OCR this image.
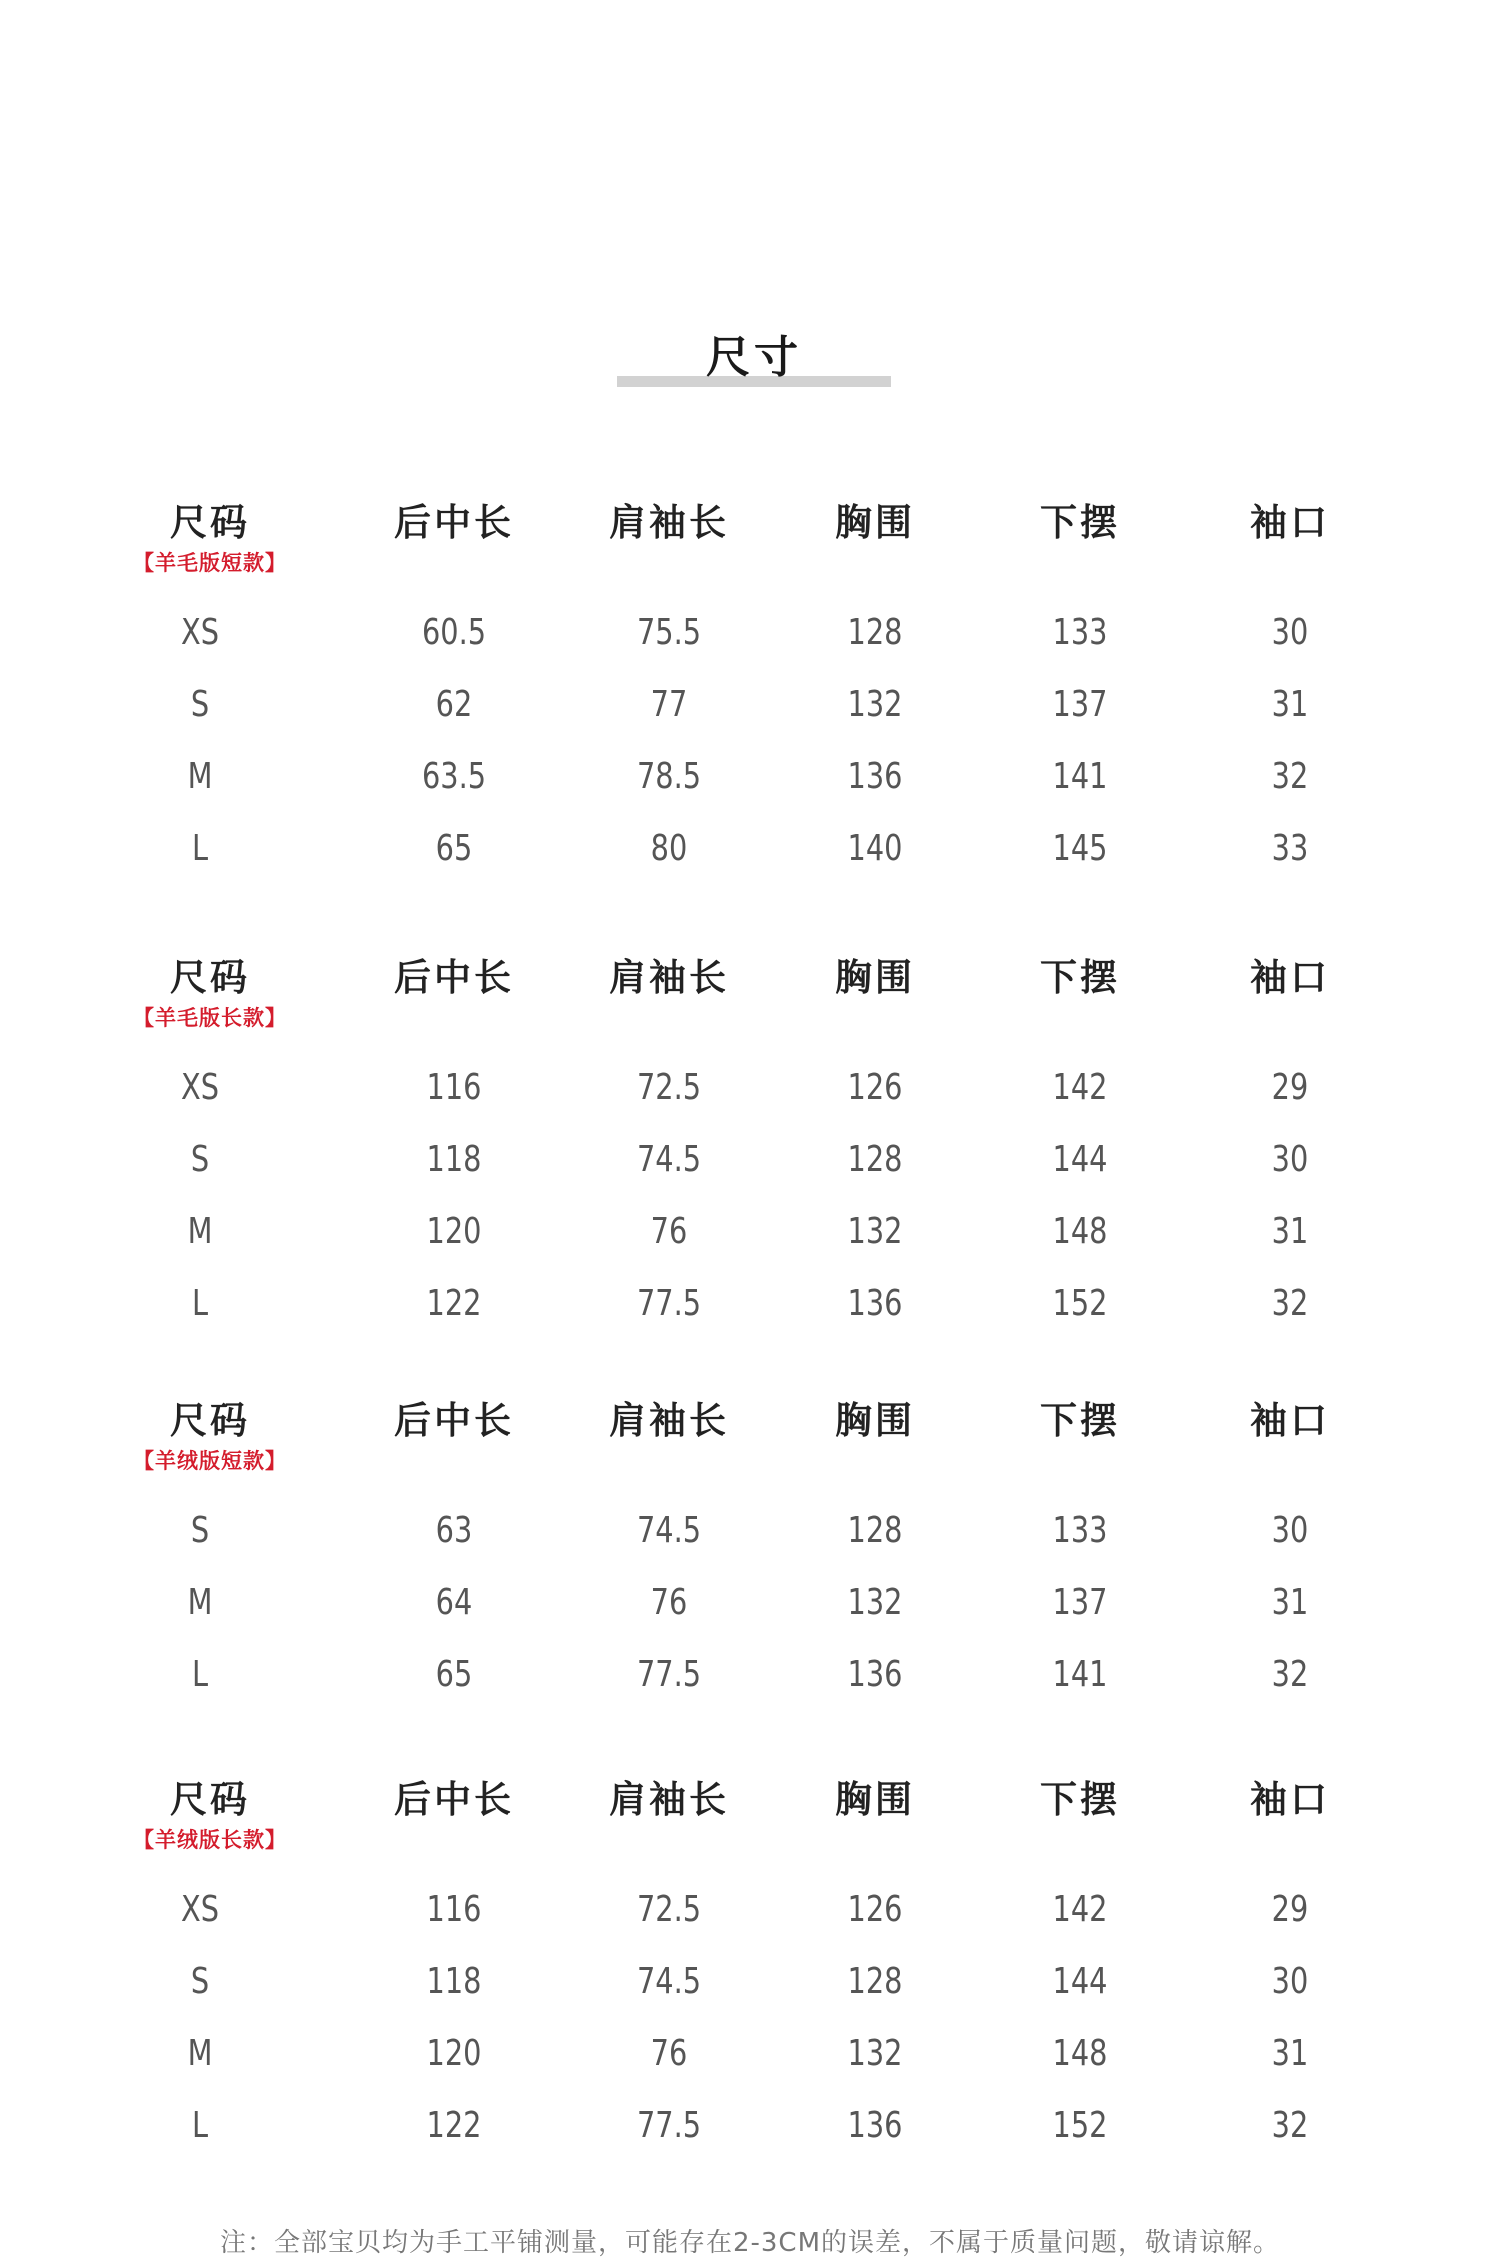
尺寸
尺码	后中长	肩袖长	胸围	下摆	袖口
【羊毛版短款】
XS	60.5	75.5	128	133	30
S	62	77	132	137	31
M	63.5	78.5	136	141	32
L	65	80	140	145	33
尺码	后中长	肩袖长	胸围	下摆	袖口
【羊毛版长款】
XS	116	72.5	126	142	29
S	118	74.5	128	144	30
M	120	76	132	148	31
L	122	77.5	136	152	32
尺码	后中长	肩袖长	胸围	下摆	袖口
【羊绒版短款】
S	63	74.5	128	133	30
M	64	76	132	137	31
L	65	77.5	136	141	32
尺码	后中长	肩袖长	胸围	下摆	袖口
【羊绒版长款】
XS	116	72.5	126	142	29
S	118	74.5	128	144	30
M	120	76	132	148	31
L	122	77.5	136	152	32
注：全部宝贝均为手工平铺测量，可能存在2-3CM的误差，不属于质量问题，敬请谅解。
